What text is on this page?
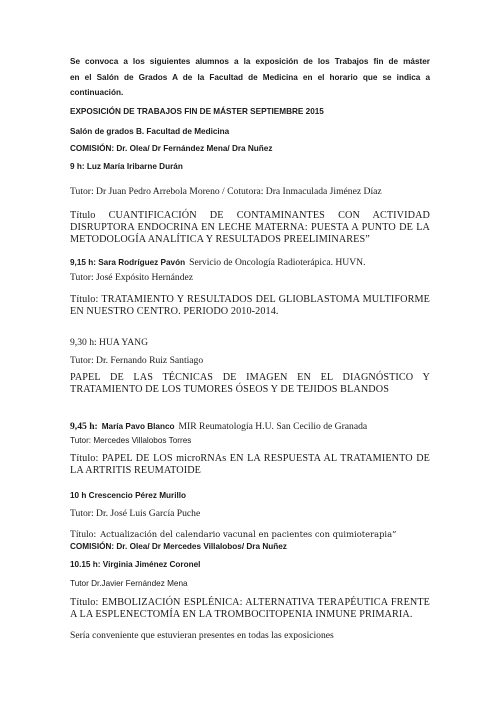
Se convoca a los siguientes alumnos a la exposición de los Trabajos fin de máster
en el Salón de Grados A de la Facultad de Medicina en el horario que se indica a
continuación.
EXPOSICIÓN DE TRABAJOS FIN DE MÁSTER SEPTIEMBRE 2015
Salón de grados B. Facultad de Medicina
COMISIÓN: Dr. Olea/ Dr Fernández Mena/ Dra Nuñez
9 h: Luz María Iribarne Durán
Tutor: Dr Juan Pedro Arrebola Moreno / Cotutora: Dra Inmaculada Jiménez Díaz
Título CUANTIFICACIÓN DE CONTAMINANTES CON ACTIVIDAD
DISRUPTORA ENDOCRINA EN LECHE MATERNA: PUESTA A PUNTO DE LA
METODOLOGÍA ANALÍTICA Y RESULTADOS PREELIMINARES”
9,15 h: Sara Rodríguez Pavón Servicio de Oncología Radioterápica. HUVN.
Tutor: José Expósito Hernández
Título: TRATAMIENTO Y RESULTADOS DEL GLIOBLASTOMA MULTIFORME
EN NUESTRO CENTRO. PERIODO 2010-2014.
9,30 h: HUA YANG
Tutor: Dr. Fernando Ruiz Santiago
PAPEL DE LAS TÉCNICAS DE IMAGEN EN EL DIAGNÓSTICO Y
TRATAMIENTO DE LOS TUMORES ÓSEOS Y DE TEJIDOS BLANDOS
9,45 h: María Pavo Blanco MIR Reumatología H.U. San Cecilio de Granada
Tutor: Mercedes Villalobos Torres
Título: PAPEL DE LOS microRNAs EN LA RESPUESTA AL TRATAMIENTO DE
LA ARTRITIS REUMATOIDE
10 h Crescencio Pérez Murillo
Tutor: Dr. José Luis García Puche
Título: Actualización del calendario vacunal en pacientes con quimioterapia”
COMISIÓN: Dr. Olea/ Dr Mercedes Villalobos/ Dra Nuñez
10.15 h: Virginia Jiménez Coronel
Tutor Dr.Javier Fernández Mena
Título: EMBOLIZACIÓN ESPLÉNICA: ALTERNATIVA TERAPÉUTICA FRENTE
A LA ESPLENECTOMÍA EN LA TROMBOCITOPENIA INMUNE PRIMARIA.
Sería conveniente que estuvieran presentes en todas las exposiciones
